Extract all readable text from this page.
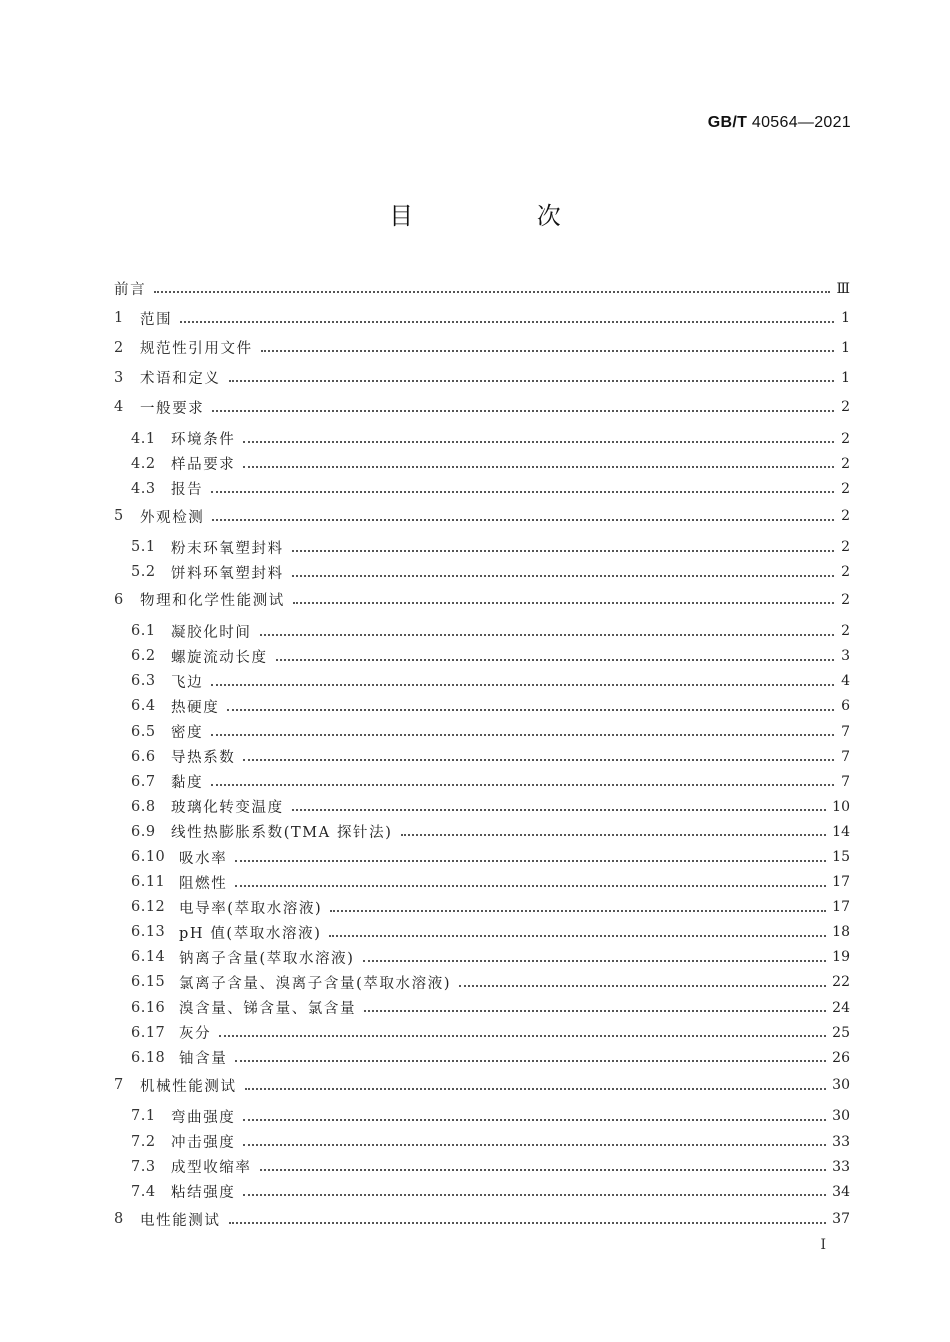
GB/T 40564—2021
目 次
前言	Ⅲ
1	范围	1
2	规范性引用文件	1
3	术语和定义	1
4	一般要求	2
4.1	环境条件	2
4.2	样品要求	2
4.3	报告	2
5	外观检测	2
5.1	粉末环氧塑封料	2
5.2	饼料环氧塑封料	2
6	物理和化学性能测试	2
6.1	凝胶化时间	2
6.2	螺旋流动长度	3
6.3	飞边	4
6.4	热硬度	6
6.5	密度	7
6.6	导热系数	7
6.7	黏度	7
6.8	玻璃化转变温度	10
6.9	线性热膨胀系数(TMA 探针法)	14
6.10 吸水率	15
6.11 阻燃性	17
6.12 电导率(萃取水溶液)	17
6.13 pH 值(萃取水溶液)	18
6.14 钠离子含量(萃取水溶液)	19
6.15 氯离子含量、溴离子含量(萃取水溶液)	22
6.16 溴含量、锑含量、氯含量	24
6.17 灰分	25
6.18 铀含量	26
7	机械性能测试	30
7.1	弯曲强度	30
7.2	冲击强度	33
7.3	成型收缩率	33
7.4	粘结强度	34
8	电性能测试	37
I
